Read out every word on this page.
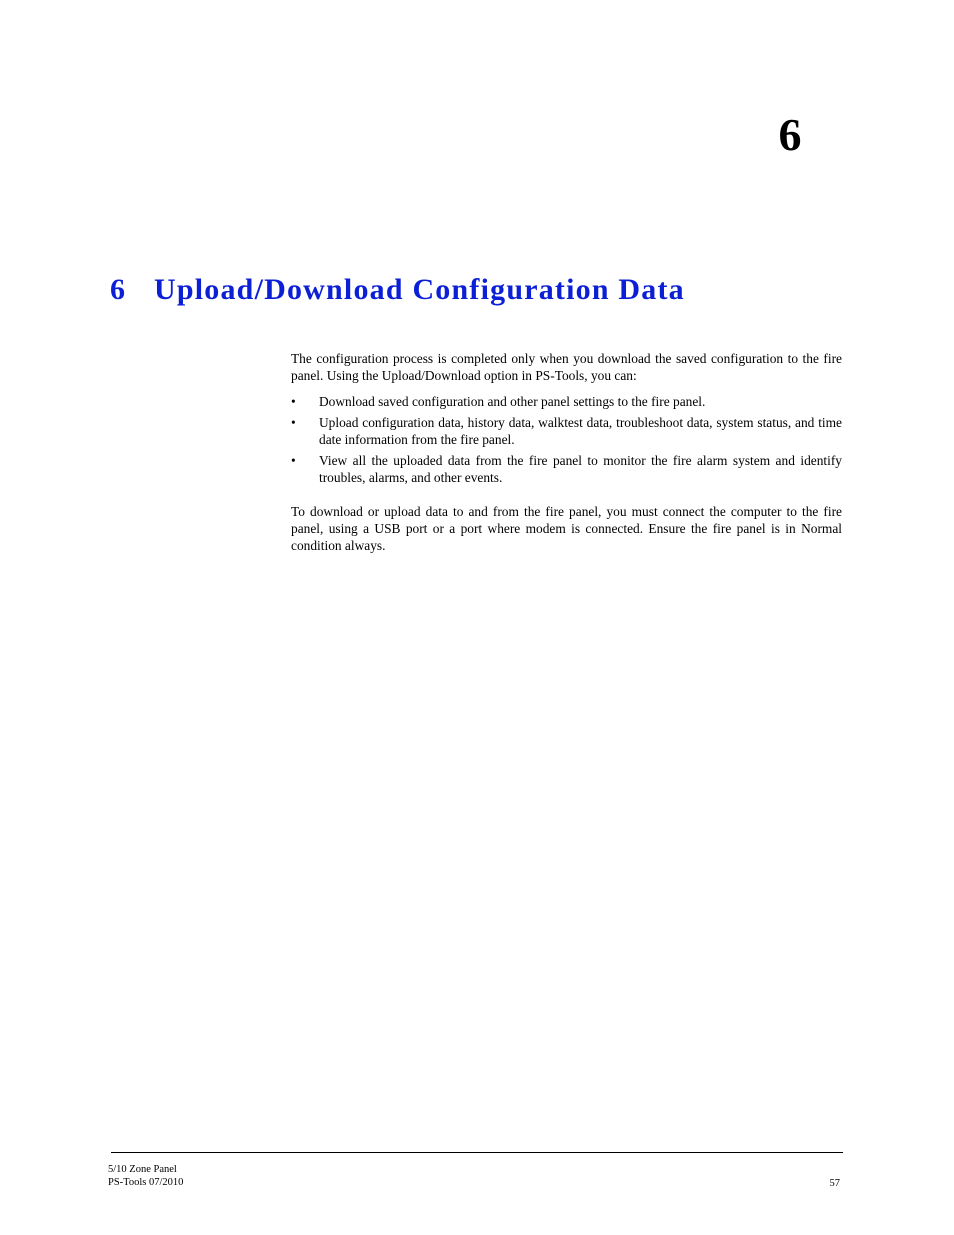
6
6 Upload/Download Configuration Data

The configuration process is completed only when you download the saved configuration to the fire panel. Using the Upload/Download option in PS-Tools, you can:

• Download saved configuration and other panel settings to the fire panel.
• Upload configuration data, history data, walktest data, troubleshoot data, system status, and time date information from the fire panel.
• View all the uploaded data from the fire panel to monitor the fire alarm system and identify troubles, alarms, and other events.

To download or upload data to and from the fire panel, you must connect the computer to the fire panel, using a USB port or a port where modem is connected. Ensure the fire panel is in Normal condition always.

5/10 Zone Panel
PS-Tools 07/2010	57
